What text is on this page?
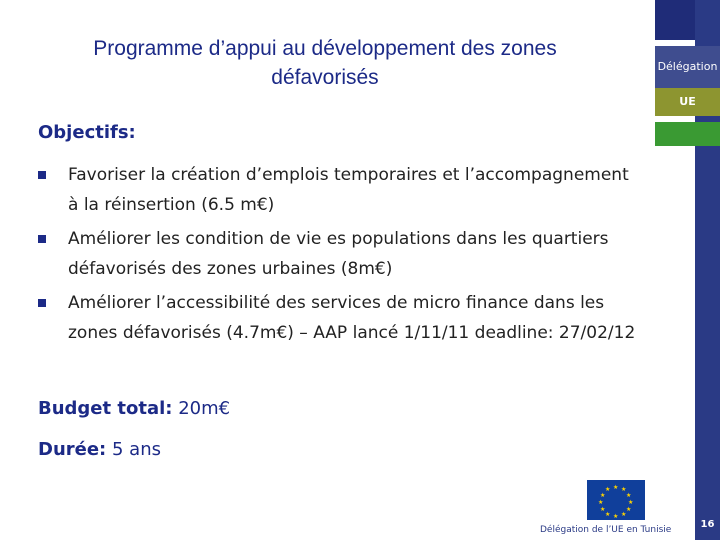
Programme d’appui au développement des zones
défavorisés	Délégation
UE
Objectifs:
Favoriser la création d’emplois temporaires et l’accompagnement à la réinsertion (6.5 m€)
Améliorer les condition de vie es populations dans les quartiers défavorisés des zones urbaines (8m€)
Améliorer l’accessibilité des services de micro finance dans les zones défavorisés (4.7m€) – AAP lancé 1/11/11 deadline: 27/02/12
Budget total: 20m€
Durée: 5 ans
★ ★
★
★
★
★
★
★
★
★
★
★
Délégation de l’UE en Tunisie	16
